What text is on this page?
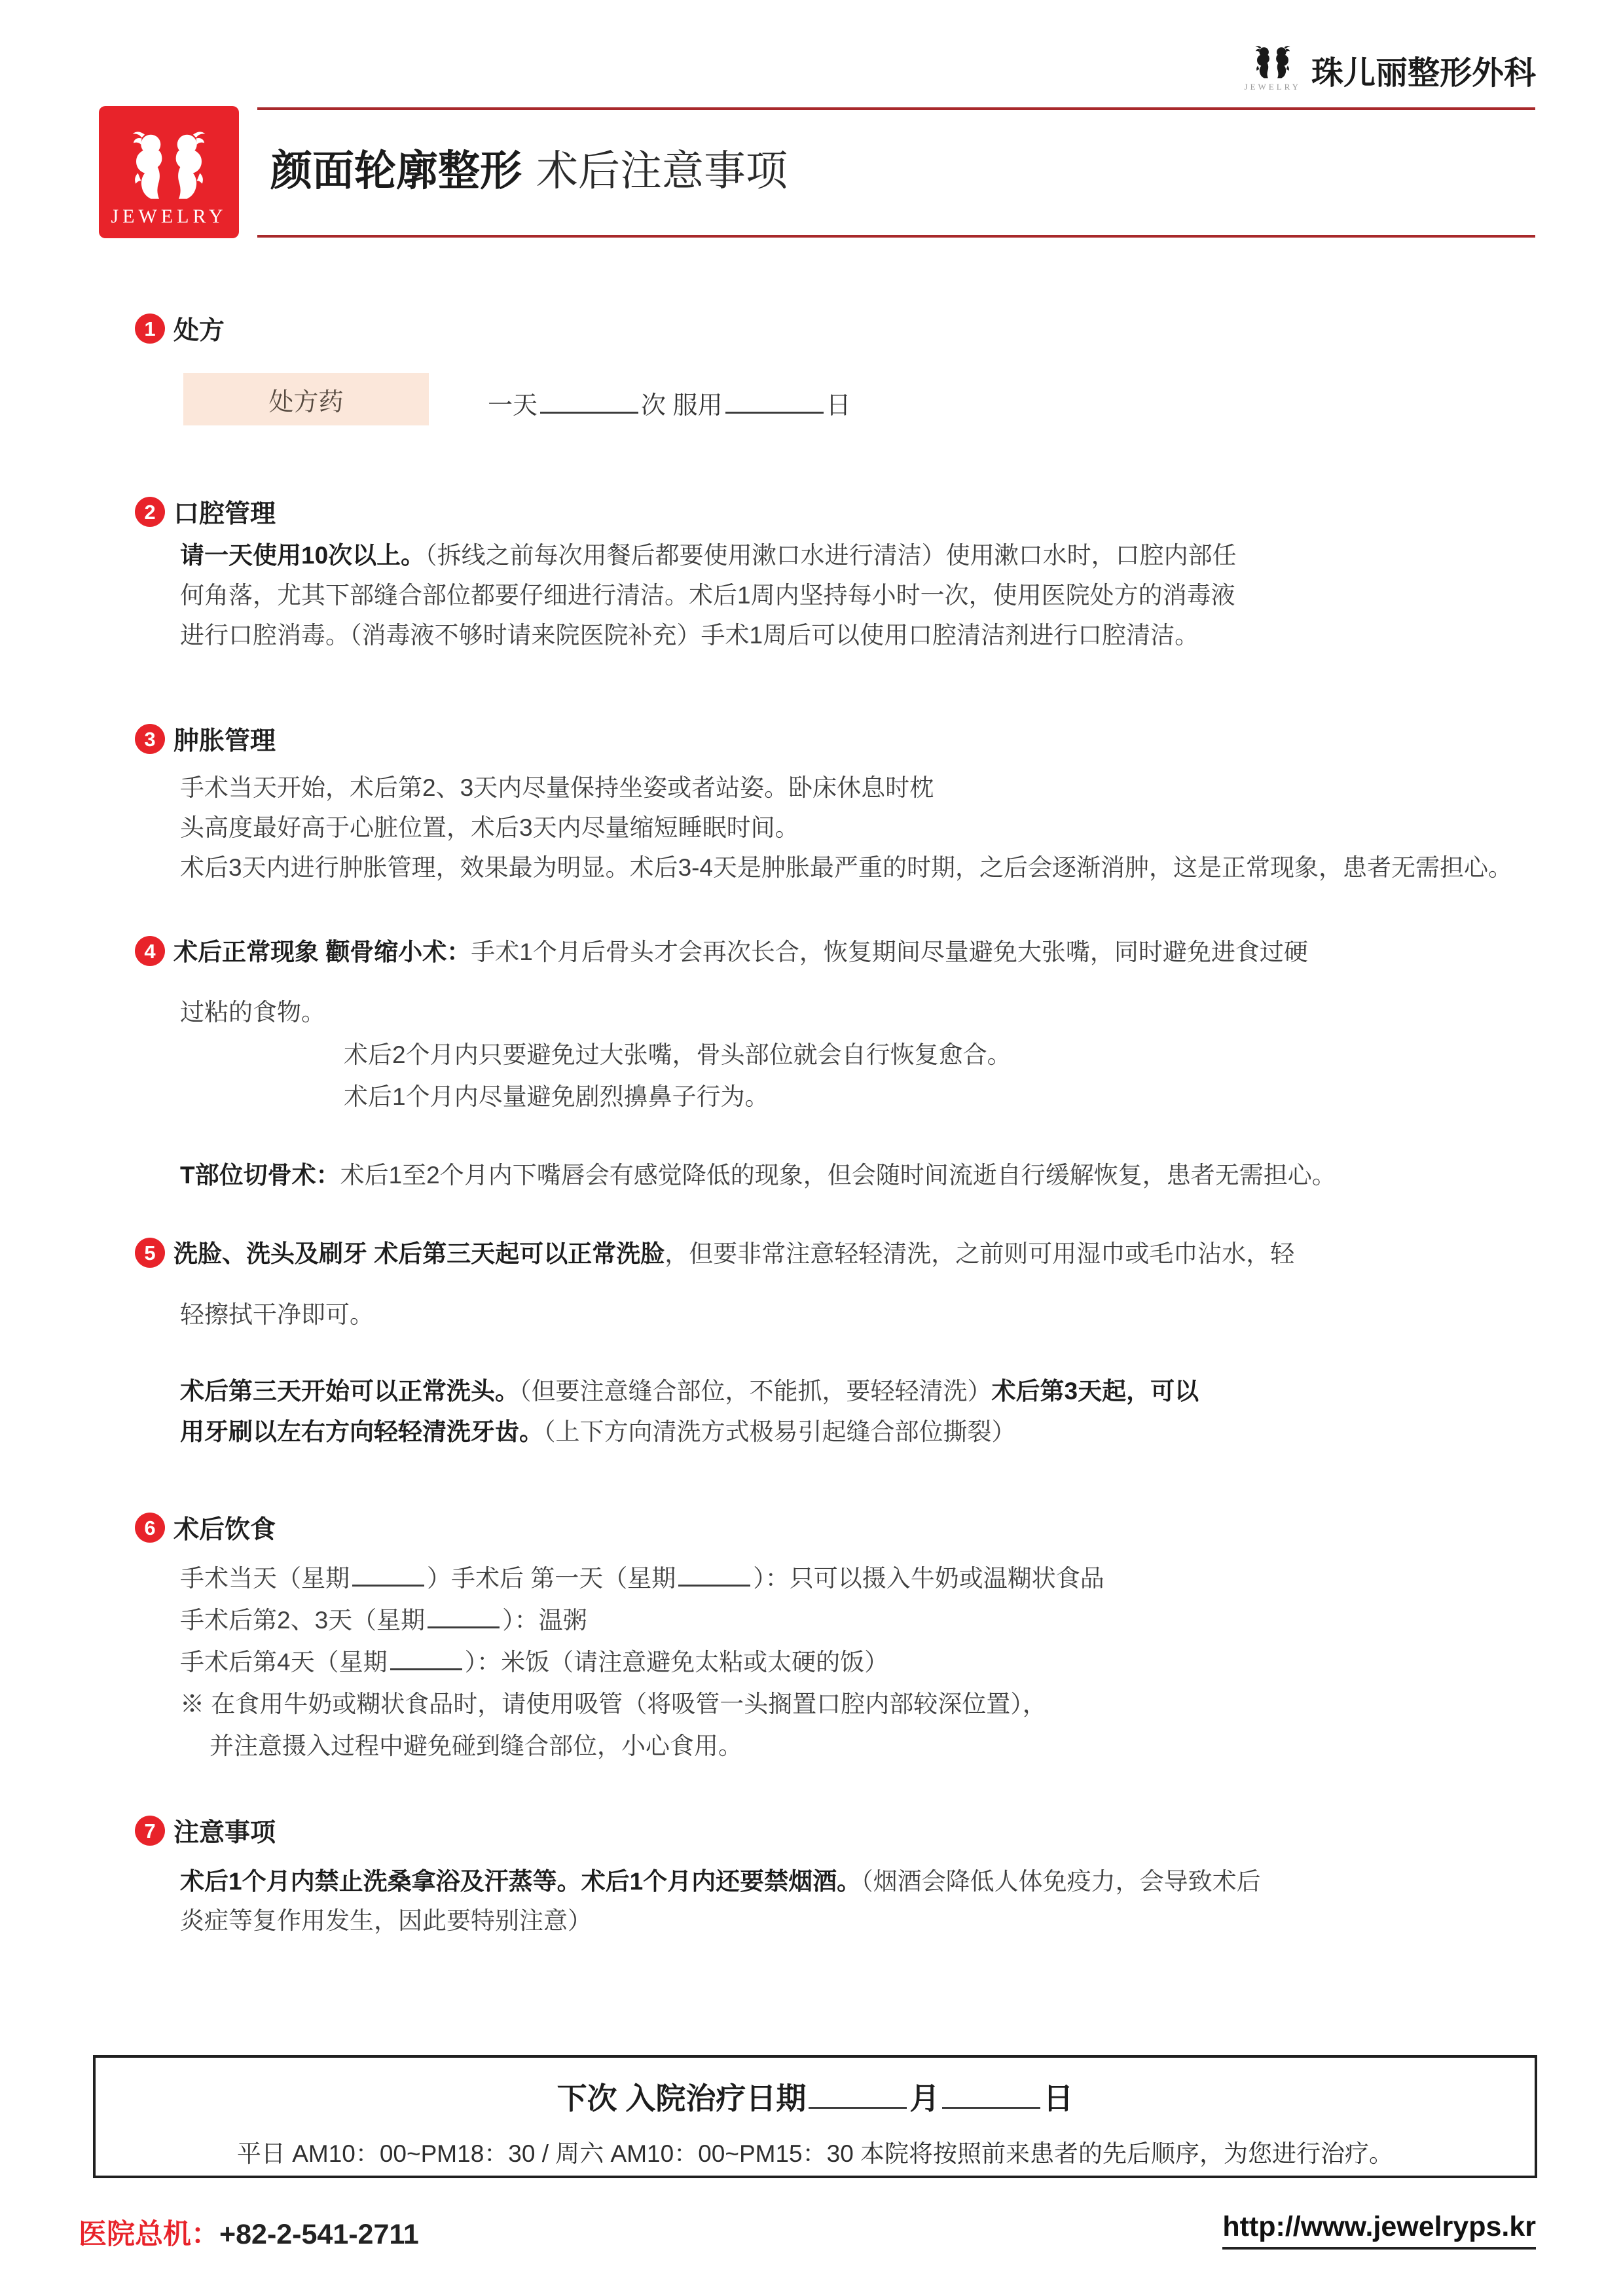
JEWELRY 珠儿丽整形外科
JEWELRY
颜面轮廓整形 术后注意事项
1 处方
处方药	一天	次 服用	日
2 口腔管理
请一天使用10次以上。（拆线之前每次用餐后都要使用漱口水进行清洁）使用漱口水时，口腔内部任
何角落，尤其下部缝合部位都要仔细进行清洁。术后1周内坚持每小时一次，使用医院处方的消毒液
进行口腔消毒。（消毒液不够时请来院医院补充）手术1周后可以使用口腔清洁剂进行口腔清洁。
3 肿胀管理
手术当天开始，术后第2、3天内尽量保持坐姿或者站姿。卧床休息时枕
头高度最好高于心脏位置，术后3天内尽量缩短睡眠时间。
术后3天内进行肿胀管理，效果最为明显。术后3-4天是肿胀最严重的时期，之后会逐渐消肿，这是正常现象，患者无需担心。
4 术后正常现象 颧骨缩小术：手术1个月后骨头才会再次长合，恢复期间尽量避免大张嘴，同时避免进食过硬
过粘的食物。
术后2个月内只要避免过大张嘴，骨头部位就会自行恢复愈合。
术后1个月内尽量避免剧烈擤鼻子行为。
T部位切骨术：术后1至2个月内下嘴唇会有感觉降低的现象，但会随时间流逝自行缓解恢复，患者无需担心。
5 洗脸、洗头及刷牙 术后第三天起可以正常洗脸，但要非常注意轻轻清洗，之前则可用湿巾或毛巾沾水，轻
轻擦拭干净即可。
术后第三天开始可以正常洗头。（但要注意缝合部位，不能抓，要轻轻清洗）术后第3天起，可以
用牙刷以左右方向轻轻清洗牙齿。（上下方向清洗方式极易引起缝合部位撕裂）
6 术后饮食
手术当天（星期	）手术后 第一天（星期	）：只可以摄入牛奶或温糊状食品
手术后第2、3天（星期	）：温粥
手术后第4天（星期	）：米饭（请注意避免太粘或太硬的饭）
※ 在食用牛奶或糊状食品时，请使用吸管（将吸管一头搁置口腔内部较深位置），
并注意摄入过程中避免碰到缝合部位，小心食用。
7 注意事项
术后1个月内禁止洗桑拿浴及汗蒸等。术后1个月内还要禁烟酒。（烟酒会降低人体免疫力，会导致术后
炎症等复作用发生，因此要特别注意）
下次 入院治疗日期	月	日
平日 AM10：00~PM18：30 / 周六 AM10：00~PM15：30 本院将按照前来患者的先后顺序，为您进行治疗。
医院总机：+82-2-541-2711	http://www.jewelryps.kr
